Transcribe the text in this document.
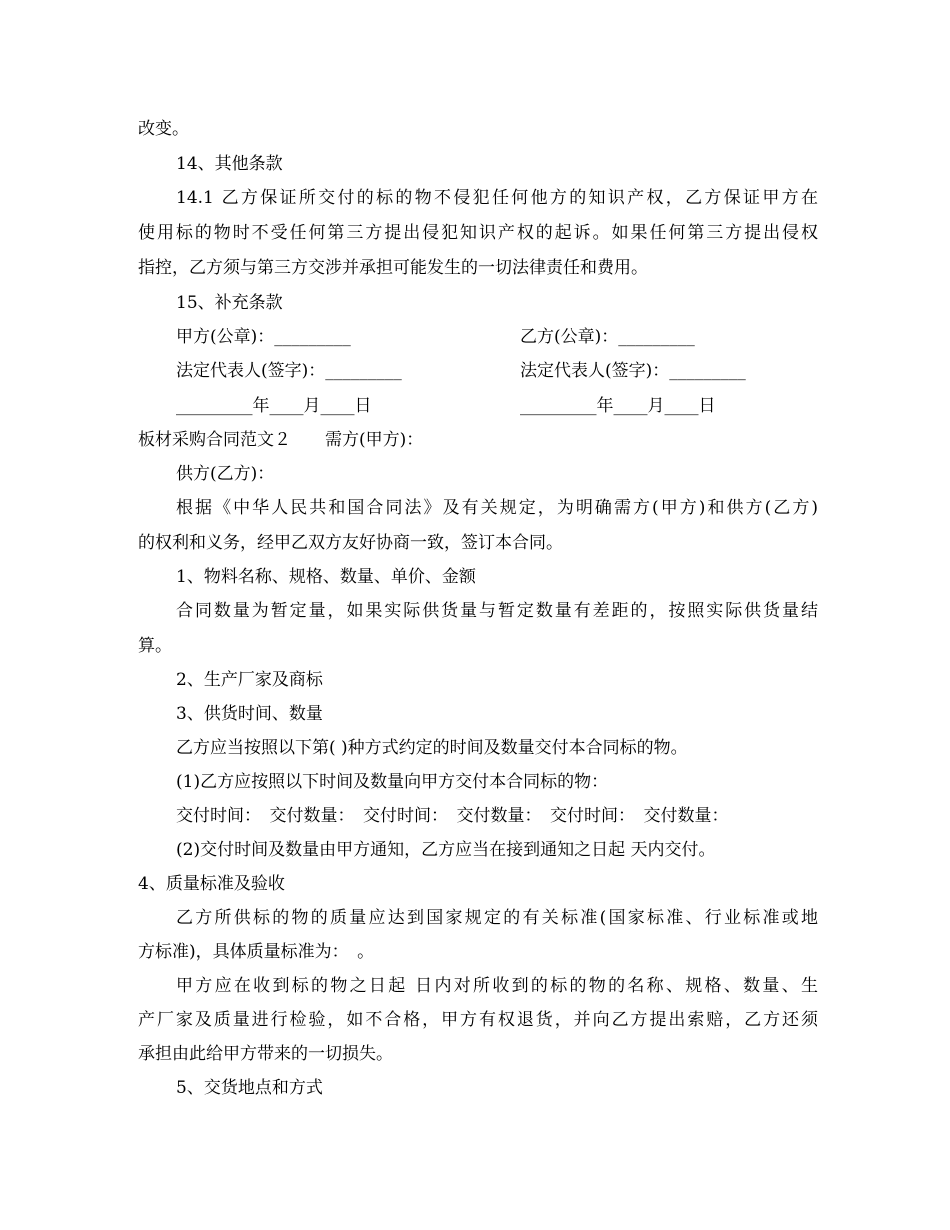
改变。
14、其他条款
14.1 乙方保证所交付的标的物不侵犯任何他方的知识产权，乙方保证甲方在
使用标的物时不受任何第三方提出侵犯知识产权的起诉。如果任何第三方提出侵权
指控，乙方须与第三方交涉并承担可能发生的一切法律责任和费用。
15、补充条款
甲方(公章)：_________	乙方(公章)：_________
法定代表人(签字)：_________	法定代表人(签字)：_________
_________年____月____日	_________年____月____日
板材采购合同范文２　　需方(甲方)：
供方(乙方)：
根据《中华人民共和国合同法》及有关规定，为明确需方(甲方)和供方(乙方)
的权利和义务，经甲乙双方友好协商一致，签订本合同。
1、物料名称、规格、数量、单价、金额
合同数量为暂定量，如果实际供货量与暂定数量有差距的，按照实际供货量结
算。
2、生产厂家及商标
3、供货时间、数量
乙方应当按照以下第( )种方式约定的时间及数量交付本合同标的物。
(1)乙方应按照以下时间及数量向甲方交付本合同标的物：
交付时间：　交付数量：　交付时间：　交付数量：　交付时间：　交付数量：
(2)交付时间及数量由甲方通知，乙方应当在接到通知之日起 天内交付。
4、质量标准及验收
乙方所供标的物的质量应达到国家规定的有关标准(国家标准、行业标准或地
方标准)，具体质量标准为：　。
甲方应在收到标的物之日起 日内对所收到的标的物的名称、规格、数量、生
产厂家及质量进行检验，如不合格，甲方有权退货，并向乙方提出索赔，乙方还须
承担由此给甲方带来的一切损失。
5、交货地点和方式
